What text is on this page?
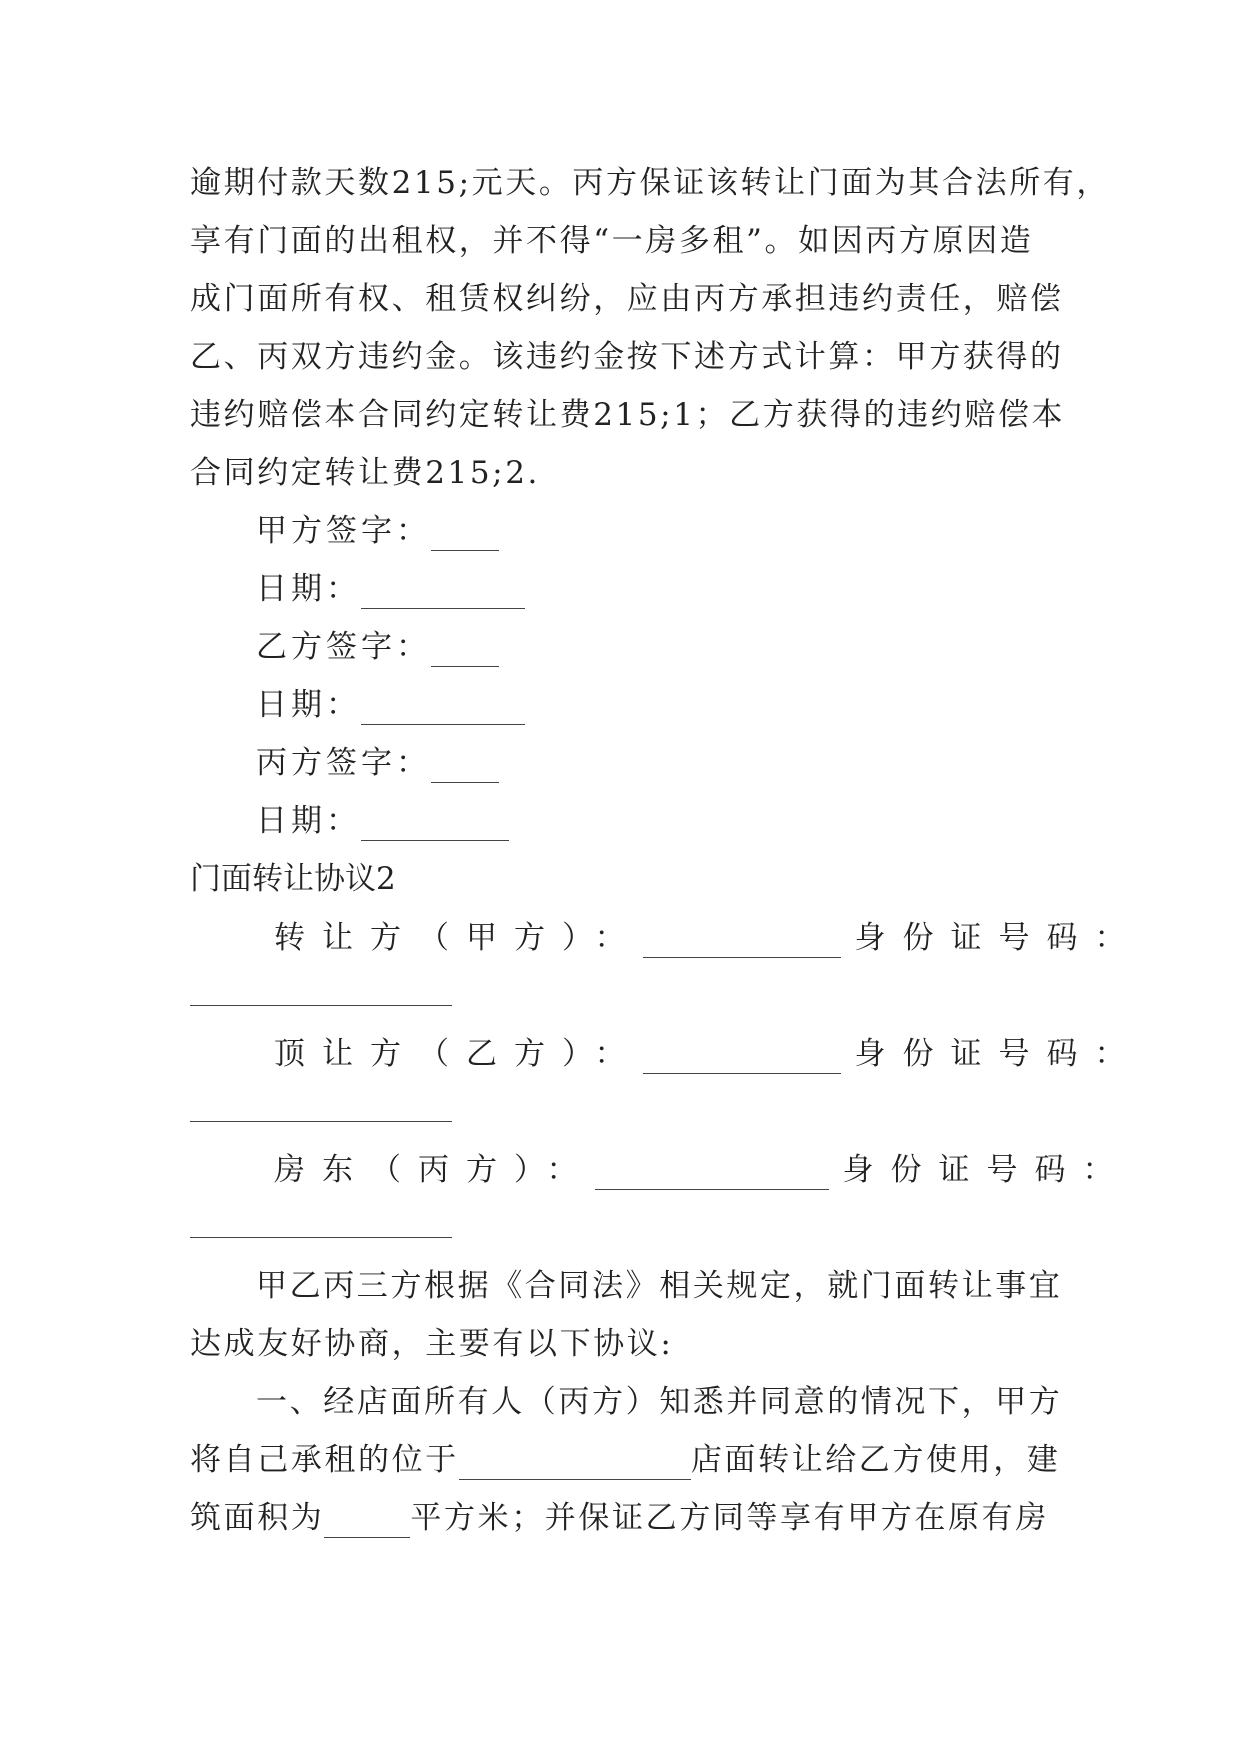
逾期付款天数215;元天。丙方保证该转让门面为其合法所有，
享有门面的出租权，并不得“一房多租”。如因丙方原因造
成门面所有权、租赁权纠纷，应由丙方承担违约责任，赔偿
乙、丙双方违约金。该违约金按下述方式计算：甲方获得的
违约赔偿本合同约定转让费215;1；乙方获得的违约赔偿本
合同约定转让费215;2.
甲方签字：
日期：
乙方签字：
日期：
丙方签字：
日期：
门面转让协议2
转让方（甲方）：	身份证号码：
顶让方（乙方）：	身份证号码：
房东（丙方）：	身份证号码：
甲乙丙三方根据《合同法》相关规定，就门面转让事宜
达成友好协商，主要有以下协议:
一、经店面所有人（丙方）知悉并同意的情况下，甲方
将自己承租的位于	店面转让给乙方使用，建
筑面积为	平方米；并保证乙方同等享有甲方在原有房
